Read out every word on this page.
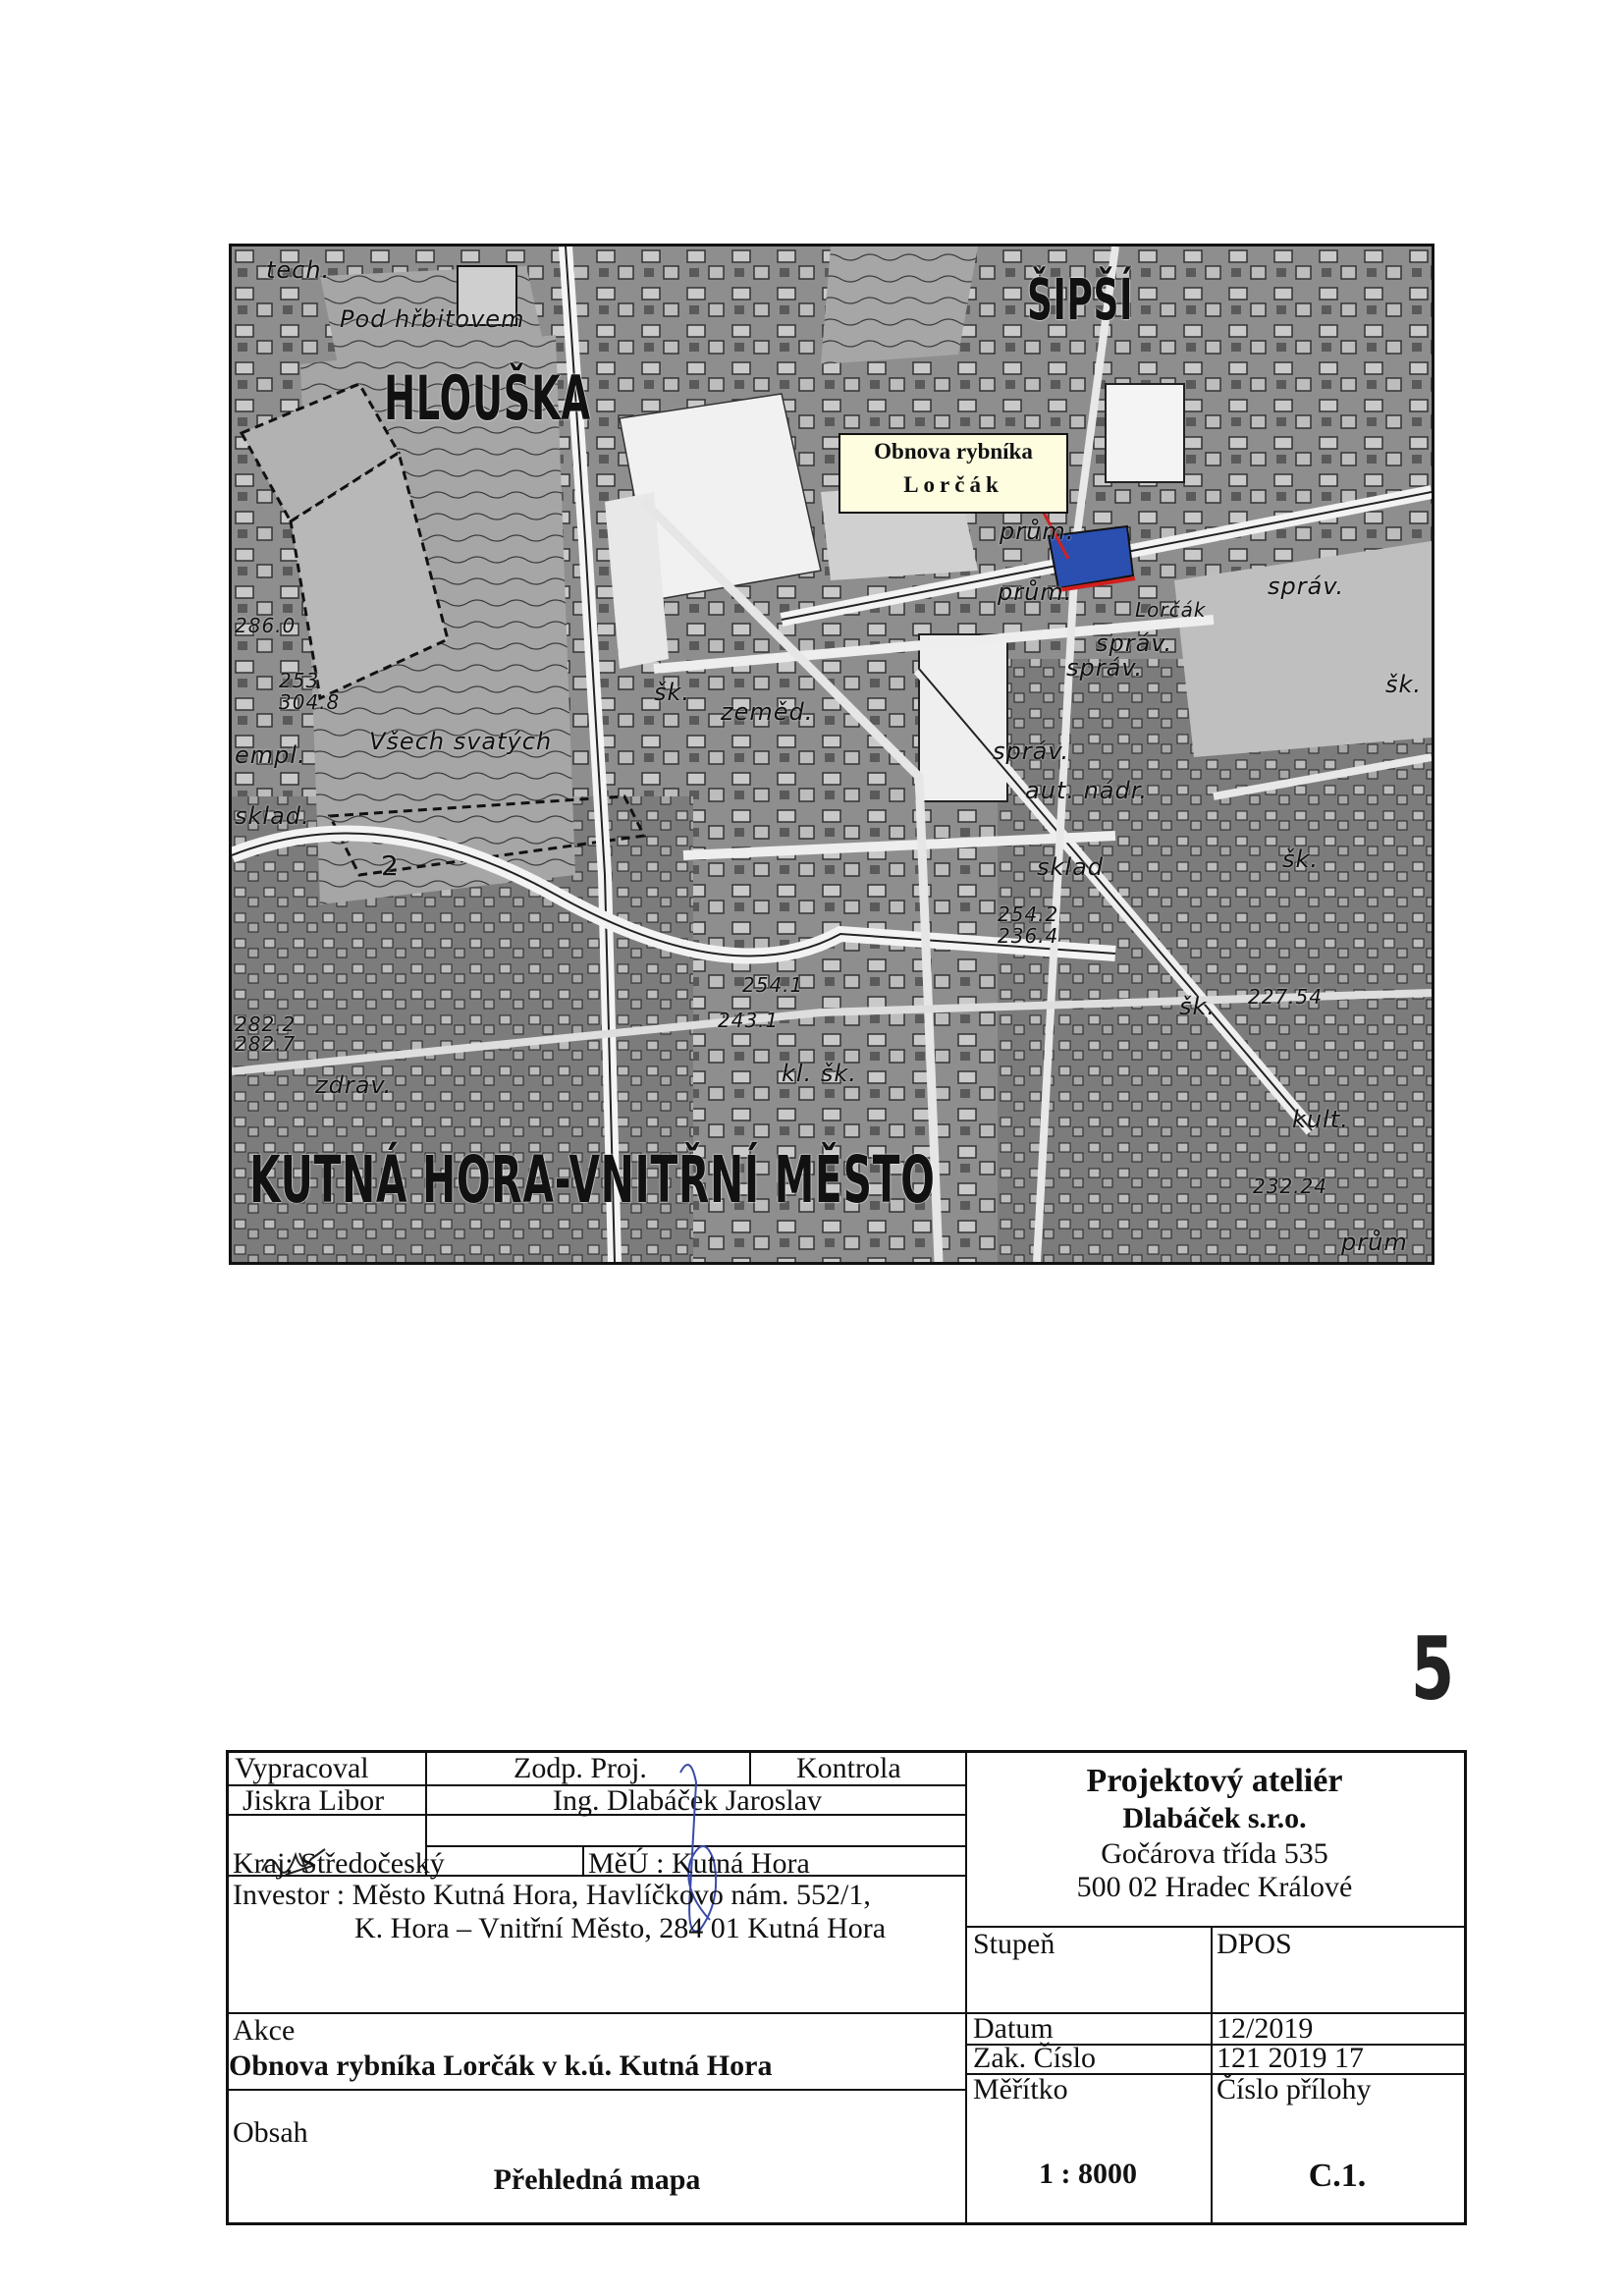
Obnova rybníka
Lorčák
HLOUŠKA
ŠIPŠÍ
KUTNÁ HORA-VNITŘNÍ MĚSTO
Pod hřbitovem
tech.
Všech svatých
zeměd.
šk.
správ.
aut. nádr.
sklad
prům.
prům.
Lorčák
správ.
správ.
správ.
šk.
šk.
šk.
kult.
zdrav.
2
254.2
236.4
254.1
243.1
286.0
253
304.8
282.2
282.7
227.54
232.24
empl.
sklad.
prům
kl. šk.
5
Vypracoval	Zodp. Proj.	Kontrola
Jiskra Libor	Ing. Dlabáček Jaroslav
Kraj: Středočeský	MěÚ : Kutná Hora
Investor : Město Kutná Hora, Havlíčkovo nám. 552/1,
K. Hora – Vnitřní Město, 284 01 Kutná Hora
Akce
Obnova rybníka Lorčák v k.ú. Kutná Hora
Obsah
Přehledná mapa
Projektový ateliér
Dlabáček s.r.o.
Gočárova třída 535
500 02 Hradec Králové
Stupeň	DPOS
Datum	12/2019
Zak. Číslo	121 2019 17
Měřítko	Číslo přílohy
1 : 8000	C.1.
